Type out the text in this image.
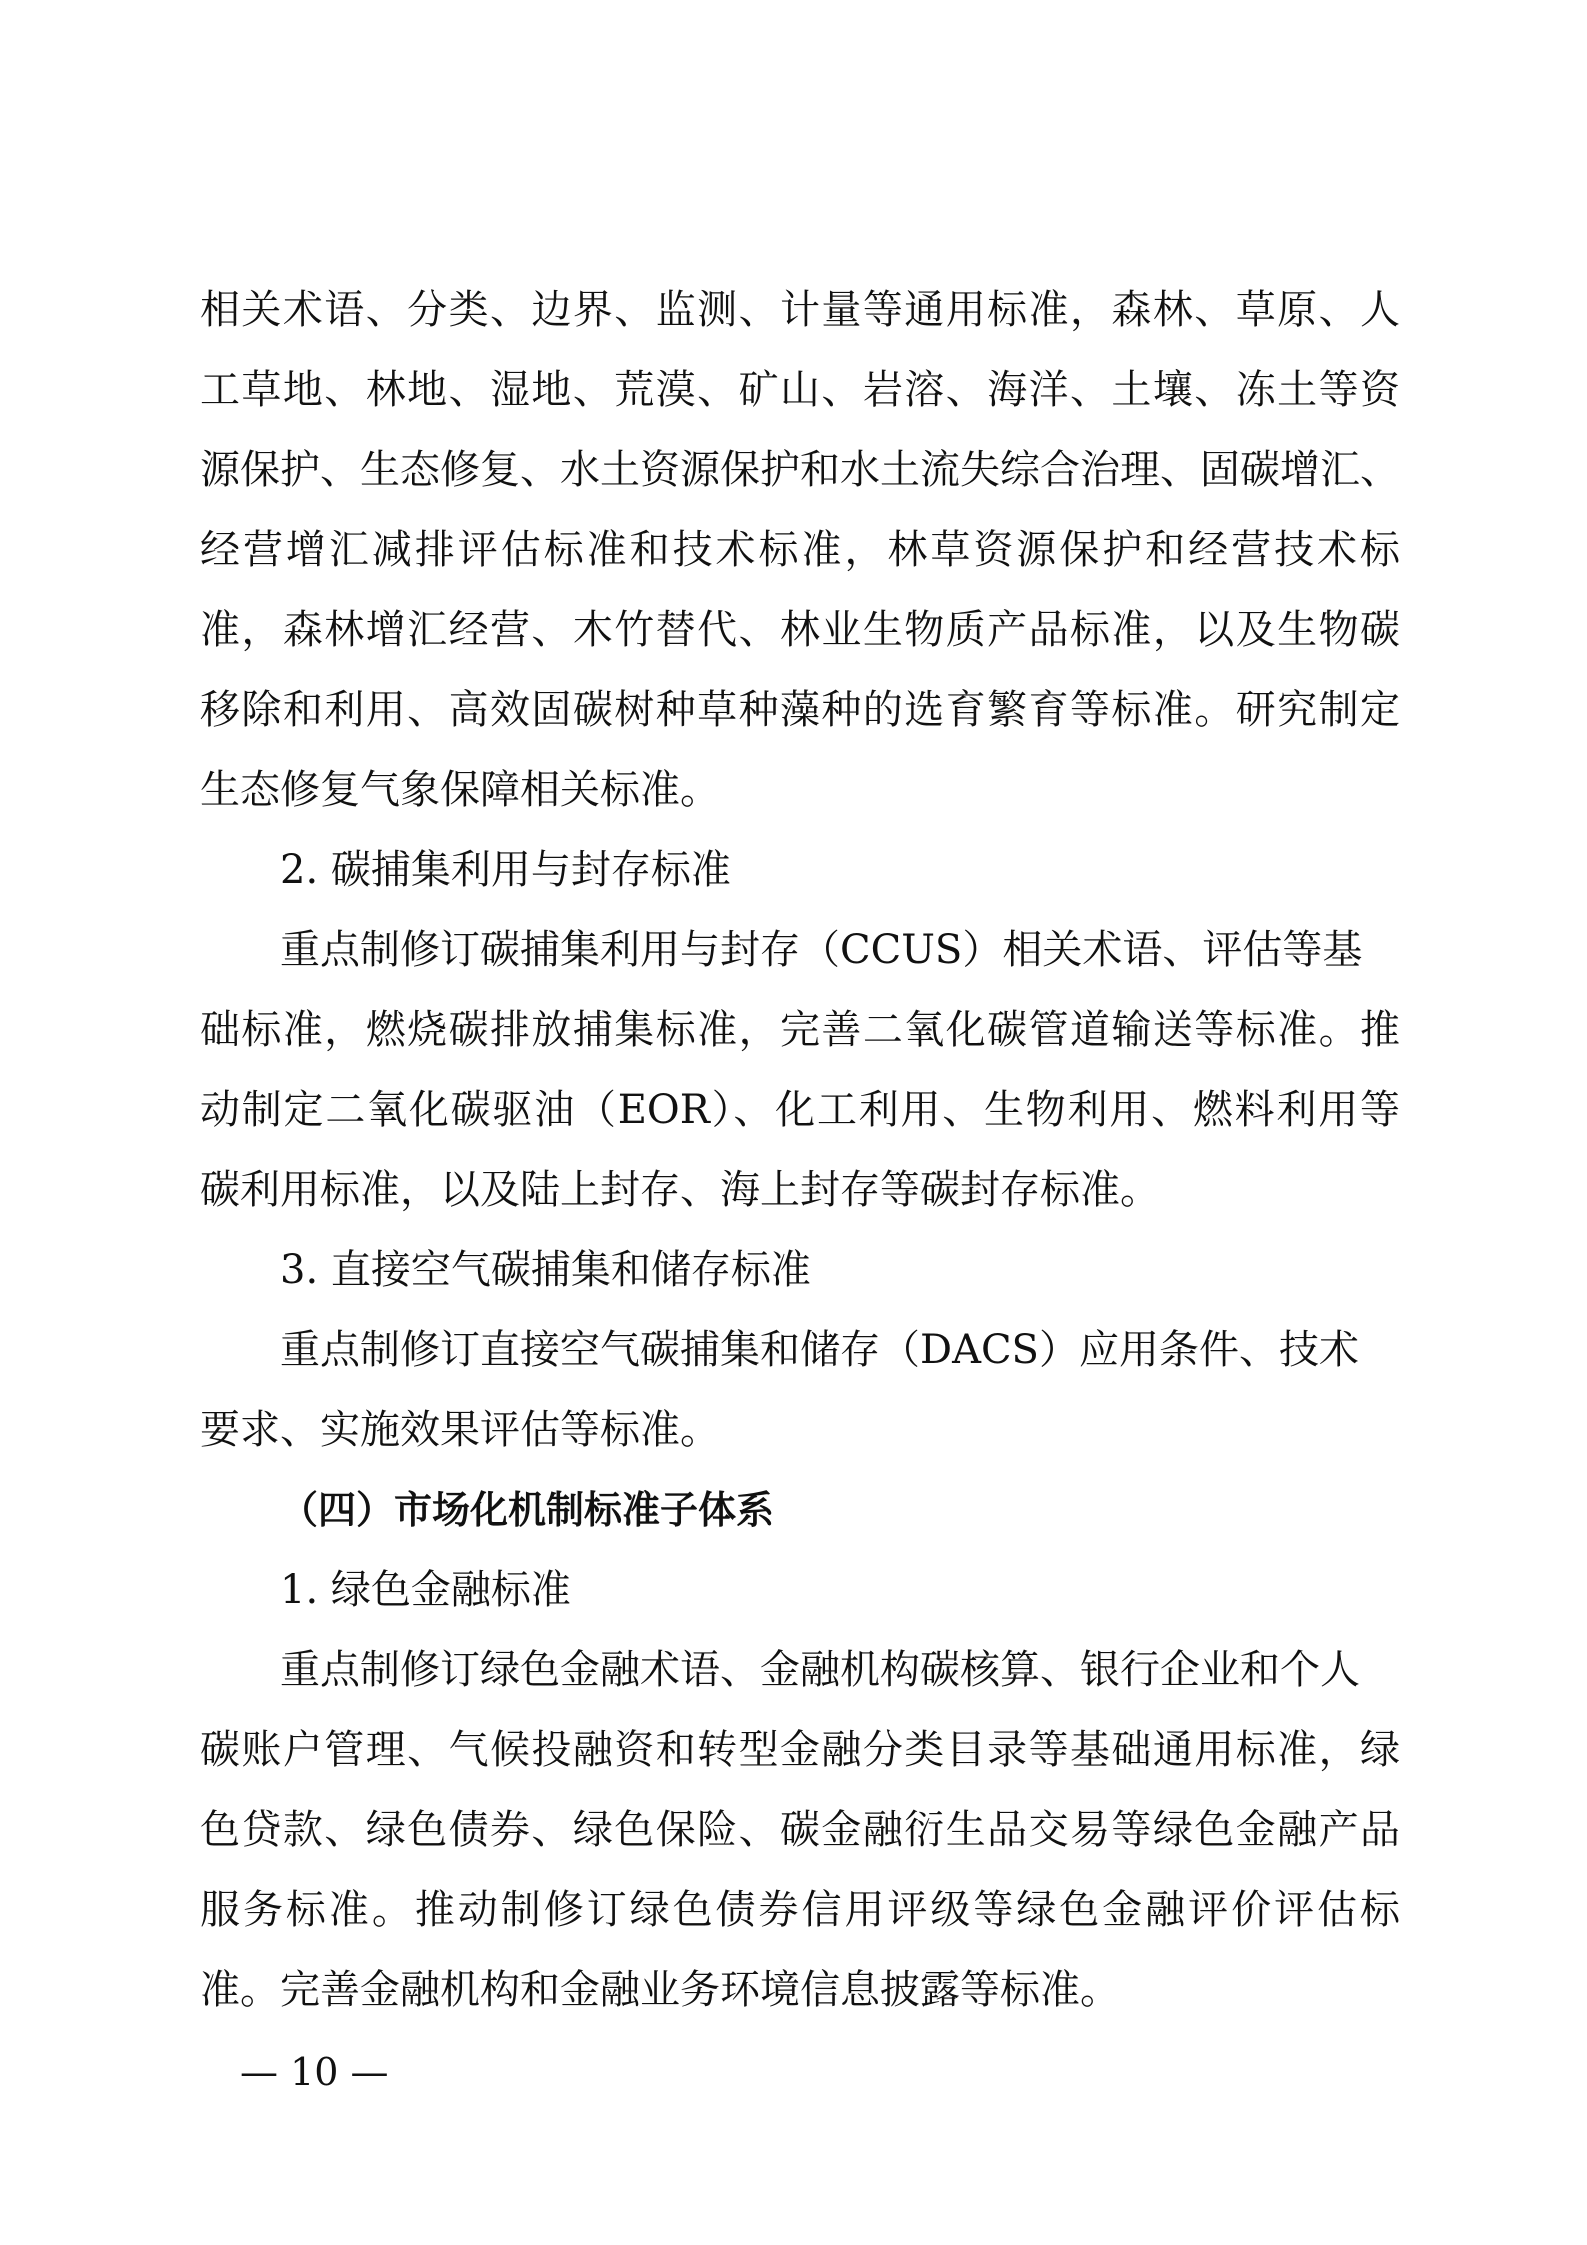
相关术语、分类、边界、监测、计量等通用标准，森林、草原、人
工草地、林地、湿地、荒漠、矿山、岩溶、海洋、土壤、冻土等资
源保护、生态修复、水土资源保护和水土流失综合治理、固碳增汇、
经营增汇减排评估标准和技术标准，林草资源保护和经营技术标
准，森林增汇经营、木竹替代、林业生物质产品标准，以及生物碳
移除和利用、高效固碳树种草种藻种的选育繁育等标准。研究制定
生态修复气象保障相关标准。
2. 碳捕集利用与封存标准
重点制修订碳捕集利用与封存（CCUS）相关术语、评估等基
础标准，燃烧碳排放捕集标准，完善二氧化碳管道输送等标准。推
动制定二氧化碳驱油（EOR）、化工利用、生物利用、燃料利用等
碳利用标准，以及陆上封存、海上封存等碳封存标准。
3. 直接空气碳捕集和储存标准
重点制修订直接空气碳捕集和储存（DACS）应用条件、技术
要求、实施效果评估等标准。
（四）市场化机制标准子体系
1. 绿色金融标准
重点制修订绿色金融术语、金融机构碳核算、银行企业和个人
碳账户管理、气候投融资和转型金融分类目录等基础通用标准，绿
色贷款、绿色债券、绿色保险、碳金融衍生品交易等绿色金融产品
服务标准。推动制修订绿色债券信用评级等绿色金融评价评估标
准。完善金融机构和金融业务环境信息披露等标准。
— 10 —
